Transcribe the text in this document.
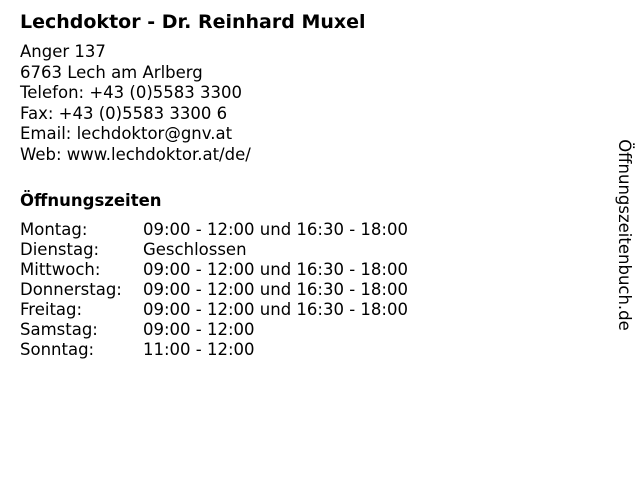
Lechdoktor - Dr. Reinhard Muxel
Anger 137
6763 Lech am Arlberg
Telefon: +43 (0)5583 3300
Fax: +43 (0)5583 3300 6
Email: lechdoktor@gnv.at
Web: www.lechdoktor.at/de/
Öffnungszeiten
Montag:	09:00 - 12:00 und 16:30 - 18:00
Dienstag:	Geschlossen
Mittwoch:	09:00 - 12:00 und 16:30 - 18:00
Donnerstag:	09:00 - 12:00 und 16:30 - 18:00
Freitag:	09:00 - 12:00 und 16:30 - 18:00
Samstag:	09:00 - 12:00
Sonntag:	11:00 - 12:00
Öffnungszeitenbuch.de
